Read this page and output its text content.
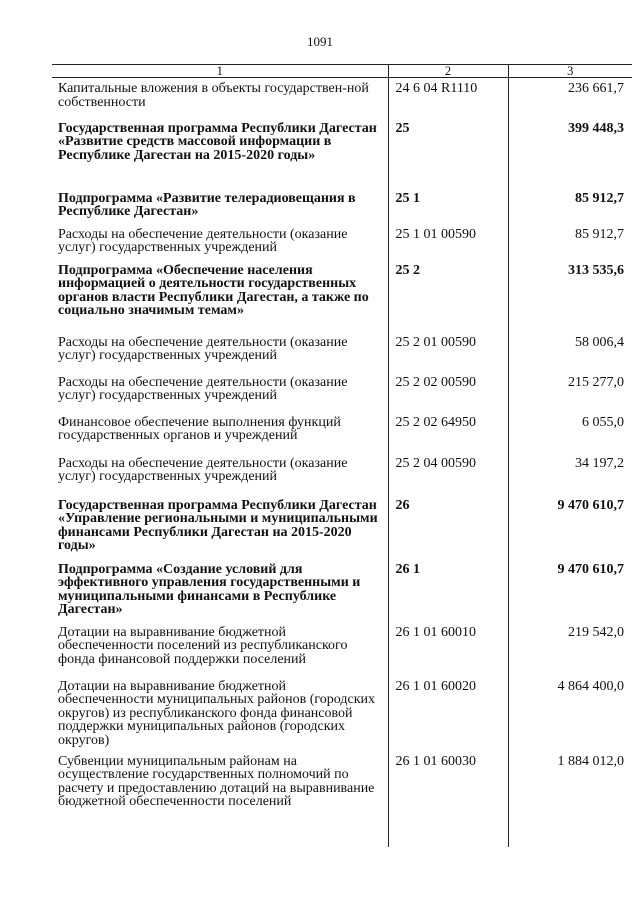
1091
1	2	3
Капитальные вложения в объекты государствен-ной собственности	24 6 04 R1110	236 661,7
Государственная программа Республики Дагестан «Развитие средств массовой информации в Республике Дагестан на 2015-2020 годы»	25	399 448,3
Подпрограмма «Развитие телерадиовещания в Республике Дагестан»	25 1	85 912,7
Расходы на обеспечение деятельности (оказание услуг) государственных учреждений	25 1 01 00590	85 912,7
Подпрограмма «Обеспечение населения информацией о деятельности государственных органов власти Республики Дагестан, а также по социально значимым темам»	25 2	313 535,6
Расходы на обеспечение деятельности (оказание услуг) государственных учреждений	25 2 01 00590	58 006,4
Расходы на обеспечение деятельности (оказание услуг) государственных учреждений	25 2 02 00590	215 277,0
Финансовое обеспечение выполнения функций государственных органов и учреждений	25 2 02 64950	6 055,0
Расходы на обеспечение деятельности (оказание услуг) государственных учреждений	25 2 04 00590	34 197,2
Государственная программа Республики Дагестан «Управление региональными и муниципальными финансами Республики Дагестан на 2015-2020 годы»	26	9 470 610,7
Подпрограмма «Создание условий для эффективного управления государственными и муниципальными финансами в Республике Дагестан»	26 1	9 470 610,7
Дотации на выравнивание бюджетной обеспеченности поселений из республиканского фонда финансовой поддержки поселений	26 1 01 60010	219 542,0
Дотации на выравнивание бюджетной обеспеченности муниципальных районов (городских округов) из республиканского фонда финансовой поддержки муниципальных районов (городских округов)	26 1 01 60020	4 864 400,0
Субвенции муниципальным районам на осуществление государственных полномочий по расчету и предоставлению дотаций на выравнивание бюджетной обеспеченности поселений	26 1 01 60030	1 884 012,0
